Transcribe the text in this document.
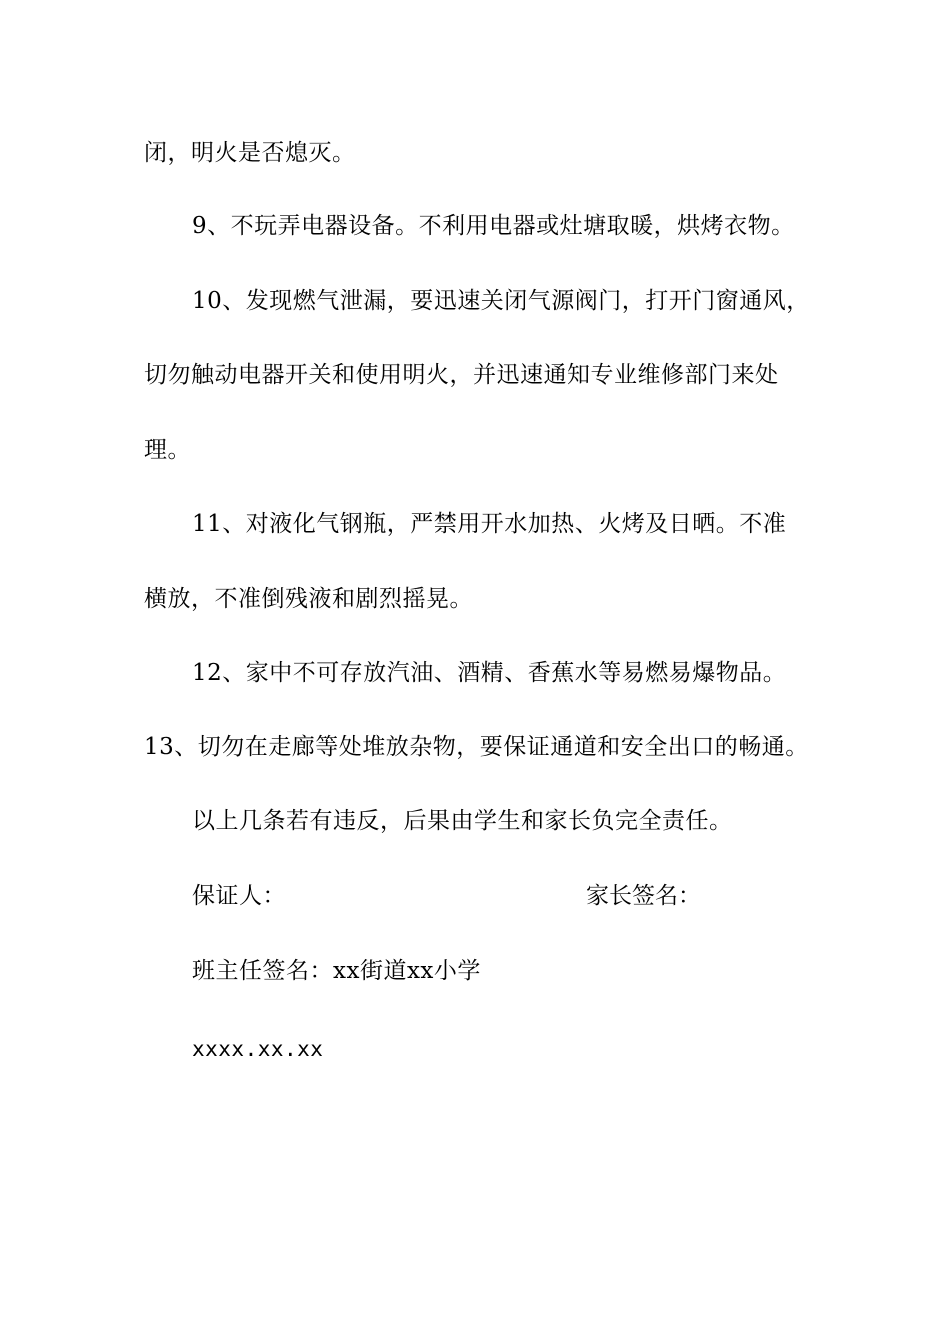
闭，明火是否熄灭。
9、不玩弄电器设备。不利用电器或灶塘取暖，烘烤衣物。
10、发现燃气泄漏，要迅速关闭气源阀门，打开门窗通风，
切勿触动电器开关和使用明火，并迅速通知专业维修部门来处
理。
11、对液化气钢瓶，严禁用开水加热、火烤及日晒。不准
横放，不准倒残液和剧烈摇晃。
12、家中不可存放汽油、酒精、香蕉水等易燃易爆物品。
13、切勿在走廊等处堆放杂物，要保证通道和安全出口的畅通。
以上几条若有违反，后果由学生和家长负完全责任。
保证人：	家长签名：
班主任签名：xx街道xx小学
xxxx.xx.xx
